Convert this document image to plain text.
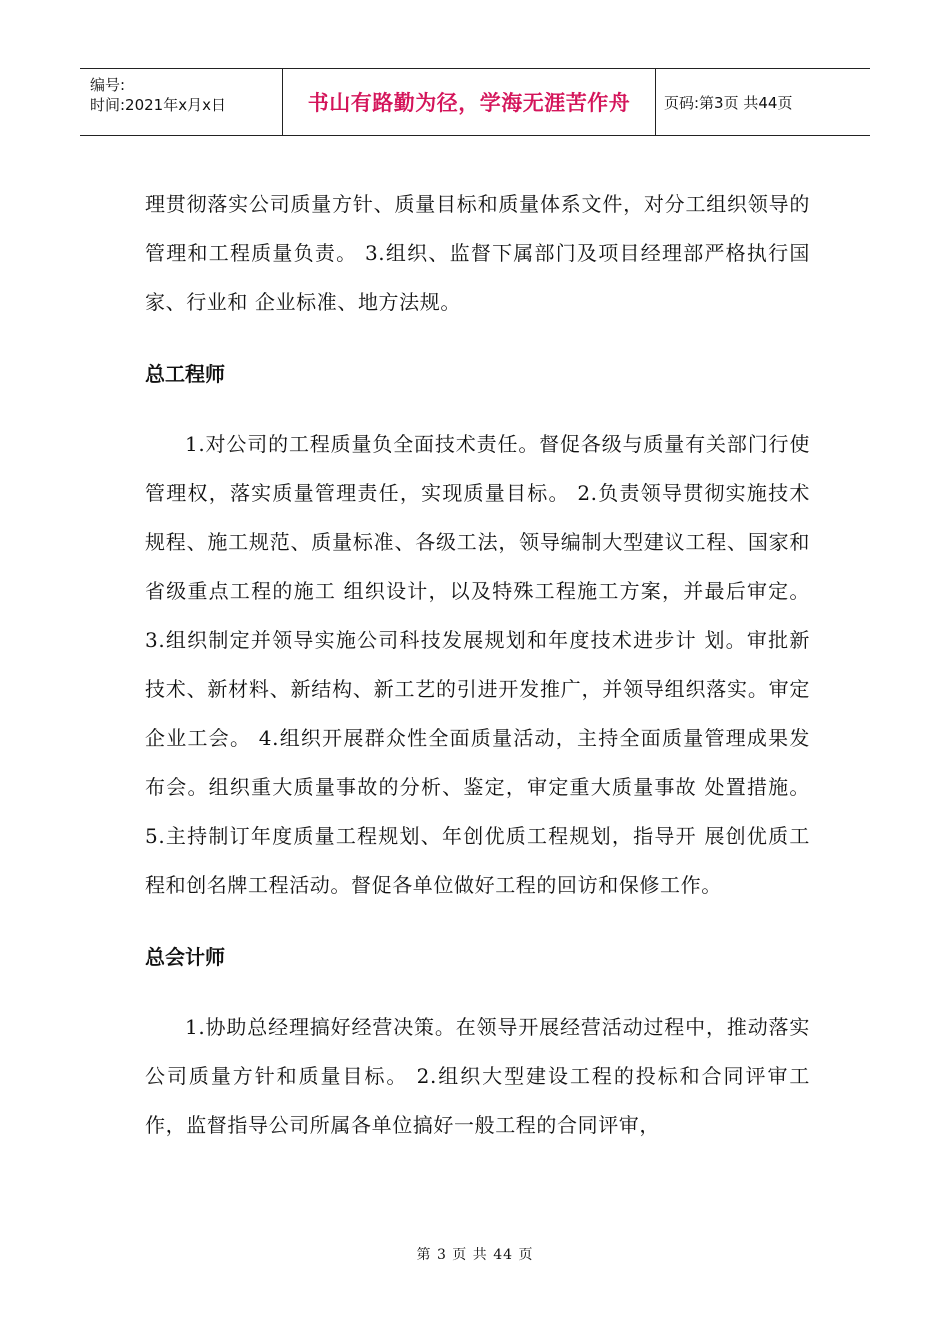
编号:
时间:2021年x月x日	书山有路勤为径，学海无涯苦作舟 页码:第3页 共44页

理贯彻落实公司质量方针、质量目标和质量体系文件，对分工组织领导的管理和工程质量负责。 3.组织、监督下属部门及项目经理部严格执行国家、行业和 企业标准、地方法规。

总工程师

1.对公司的工程质量负全面技术责任。督促各级与质量有关部门行使管理权，落实质量管理责任，实现质量目标。 2.负责领导贯彻实施技术规程、施工规范、质量标准、各级工法，领导编制大型建议工程、国家和省级重点工程的施工 组织设计，以及特殊工程施工方案，并最后审定。 3.组织制定并领导实施公司科技发展规划和年度技术进步计 划。审批新技术、新材料、新结构、新工艺的引进开发推广，并领导组织落实。审定企业工会。 4.组织开展群众性全面质量活动，主持全面质量管理成果发布会。组织重大质量事故的分析、鉴定，审定重大质量事故 处置措施。 5.主持制订年度质量工程规划、年创优质工程规划，指导开 展创优质工程和创名牌工程活动。督促各单位做好工程的回访和保修工作。

总会计师

1.协助总经理搞好经营决策。在领导开展经营活动过程中，推动落实公司质量方针和质量目标。 2.组织大型建设工程的投标和合同评审工作，监督指导公司所属各单位搞好一般工程的合同评审，

第 3 页 共 44 页
